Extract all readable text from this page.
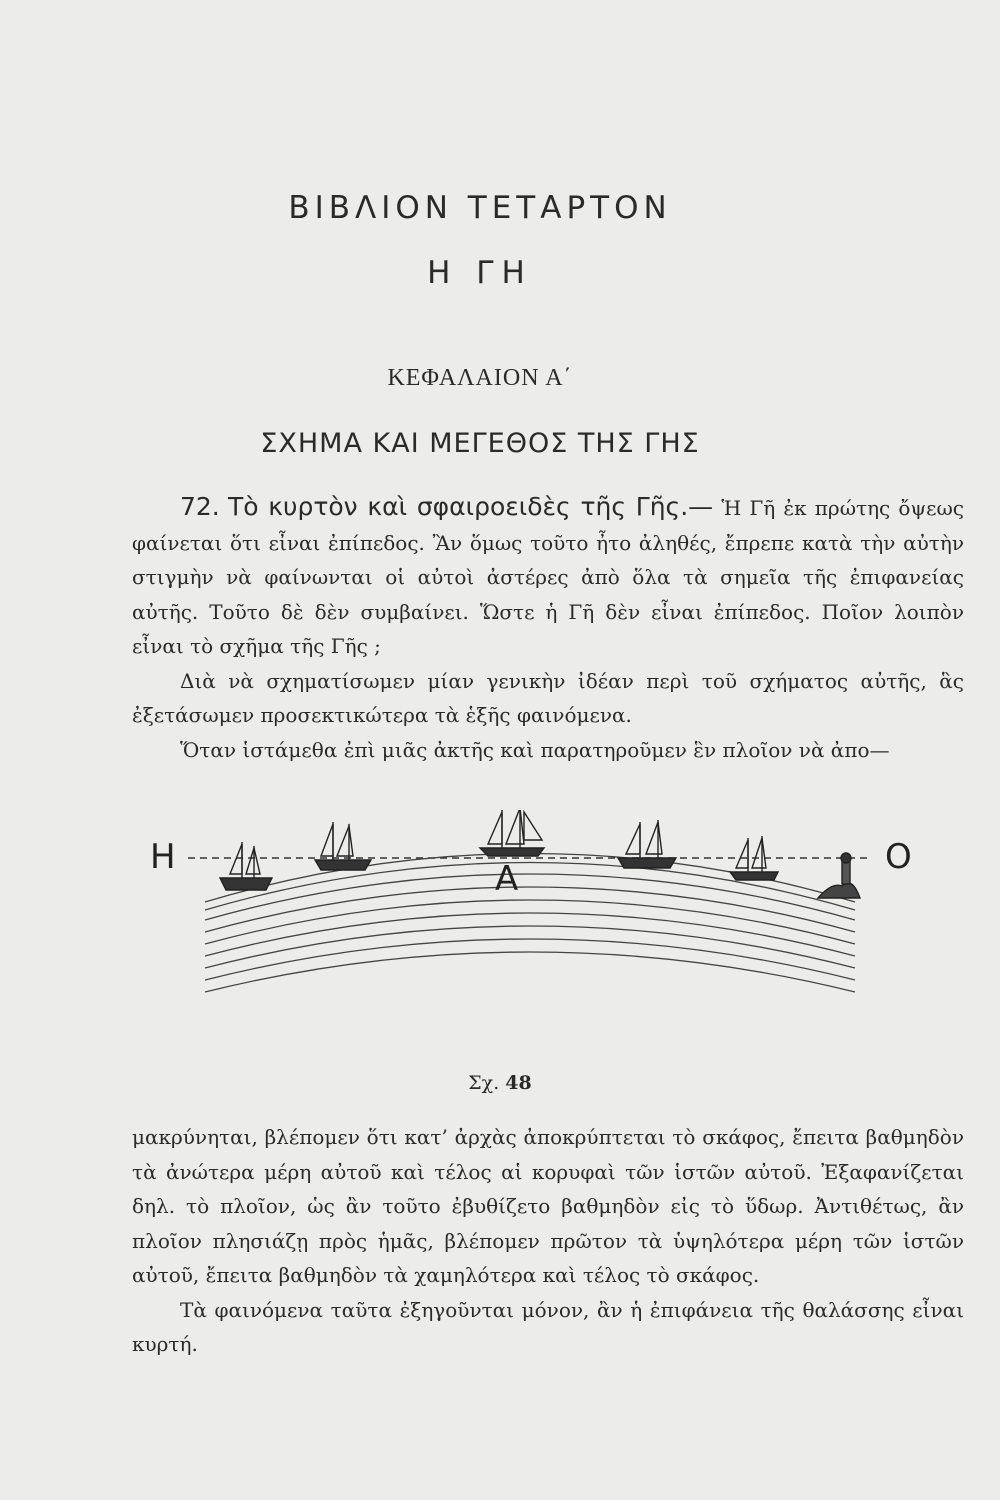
ΒΙΒΛΙΟΝ ΤΕΤΑΡΤΟΝ
Η ΓΗ
ΚΕΦΑΛΑΙΟΝ Α΄
ΣΧΗΜΑ ΚΑΙ ΜΕΓΕΘΟΣ ΤΗΣ ΓΗΣ

72. Τὸ κυρτὸν καὶ σφαιροειδὲς τῆς Γῆς.— Ἡ Γῆ ἐκ πρώτης ὄψεως φαίνεται ὅτι εἶναι ἐπίπεδος. Ἂν ὅμως τοῦτο ἦτο ἀληθές, ἔπρεπε κατὰ τὴν αὐτὴν στιγμὴν νὰ φαίνωνται οἱ αὐτοὶ ἀστέρες ἀπὸ ὅλα τὰ σημεῖα τῆς ἐπιφανείας αὐτῆς. Τοῦτο δὲ δὲν συμβαίνει. Ὥστε ἡ Γῆ δὲν εἶναι ἐπίπεδος. Ποῖον λοιπὸν εἶναι τὸ σχῆμα τῆς Γῆς ;

Διὰ νὰ σχηματίσωμεν μίαν γενικὴν ἰδέαν περὶ τοῦ σχήματος αὐτῆς, ἃς ἐξετάσωμεν προσεκτικώτερα τὰ ἑξῆς φαινόμενα.

Ὅταν ἱστάμεθα ἐπὶ μιᾶς ἀκτῆς καὶ παρατηροῦμεν ἓν πλοῖον νὰ ἀπο—

Η	Ο
Α
Σχ. 48

μακρύνηται, βλέπομεν ὅτι κατ’ ἀρχὰς ἀποκρύπτεται τὸ σκάφος, ἔπειτα βαθμηδὸν τὰ ἀνώτερα μέρη αὐτοῦ καὶ τέλος αἱ κορυφαὶ τῶν ἱστῶν αὐτοῦ. Ἐξαφανίζεται δηλ. τὸ πλοῖον, ὡς ἂν τοῦτο ἐβυθίζετο βαθμηδὸν εἰς τὸ ὕδωρ. Ἀντιθέτως, ἂν πλοῖον πλησιάζῃ πρὸς ἡμᾶς, βλέπομεν πρῶτον τὰ ὑψηλότερα μέρη τῶν ἱστῶν αὐτοῦ, ἔπειτα βαθμηδὸν τὰ χαμηλότερα καὶ τέλος τὸ σκάφος.

Τὰ φαινόμενα ταῦτα ἐξηγοῦνται μόνον, ἂν ἡ ἐπιφάνεια τῆς θαλάσσης εἶναι κυρτή.
